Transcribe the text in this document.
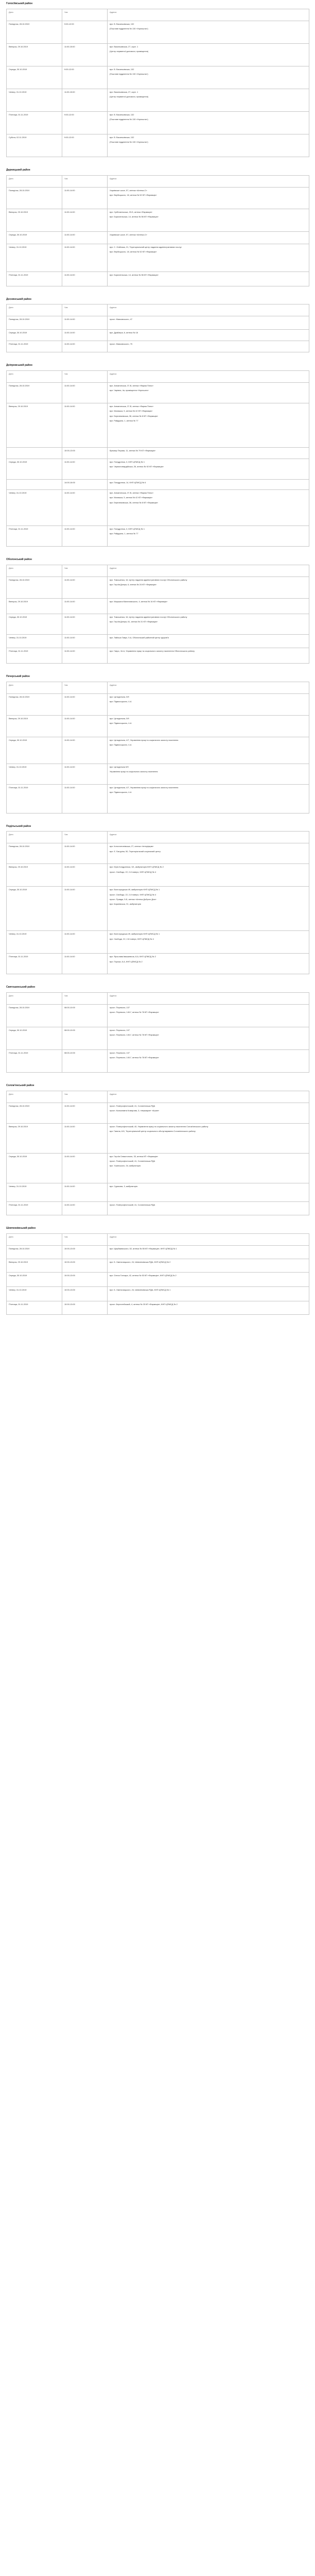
Голосіївський район
Дата	Час	Адреса
Понеділок, 28.10.2019	9:00-12:00	вул. В. Васильківська, 132

(Поштове відділення № 130 «Укрпошта»)

Вівторок, 29.10.2019	11:00-15:00	вул. Васильківська, 27, корп. 1

(Центр первинної допомоги, приміщення)

Середа, 30.10.2019	9:00-12:00	вул. В. Васильківська, 132

(Поштове відділення № 130 «Укрпошта»)

Четвер, 31.10.2019	11:00-15:00	вул. Васильківська, 27, корп. 1

(Центр первинної допомоги, приміщення)

П'ятниця, 01.11.2019	9:00-12:00	вул. В. Васильківська, 132

(Поштове відділення № 130 «Укрпошта»)

Субота, 02.11.2019	9:00-12:00	вул. В. Васильківська, 132

(Поштове відділення № 130 «Укрпошта»)

Дарницький район
Дата	Час	Адреса
Понеділок, 28.10.2019	11:00-14:00	Харківське шосе, 57, аптека «Аптека-С»

вул. Вербицького, 18, аптека № 52 КП «Фармація»

Вівторок, 29.10.2019	11:00-14:00	вул. Срібнокільська, 20-Б, аптека «Фармація»

вул. Бориспільська, 14, аптека № 56 КП «Фармація»

Середа, 30.10.2019	11:00-14:00	Харківське шосе, 57, аптека «Аптека-С»

Четвер, 31.10.2019	11:00-14:00	вул. С. Олійника, 21, Територіальний центр надання адміністративних послуг

вул. Вербицького, 18, аптека № 52 КП «Фармація»

П'ятниця, 01.11.2019	11:00-14:00	вул. Бориспільська, 14, аптека № 56 КП «Фармація»

Деснянський район
Дата	Час	Адреса
Понеділок, 28.10.2019	11:00-14:00	просп. Маяковського, 47

Середа, 30.10.2019	11:00-14:00	вул. Драйзера, 6, аптека № 18

П'ятниця, 01.11.2019	11:00-14:00	просп. Маяковського, 75

Дніпровський район
Дата	Час	Адреса
Понеділок, 28.10.2019	11:00-14:00	вул. Алматинська, 37-В, аптека «Фарма Плюс»

вул. Чарівна, 4а, приміщення «Укрпошти»

Вівторок, 29.10.2019	11:00-14:00	вул. Алматинська, 37-В, аптека «Фарма Плюс»

вул. Малишка, 5, аптека № 42 КП «Фармація»

вул. Березняківська, 36, аптека № 8 КП «Фармація»

вул. Райдужна, 1, аптека № 77

	10:00-13:00	бульвар Перова, 11, аптека № 79 КП «Фармація»

Середа, 30.10.2019	11:00-14:00	вул. Попудренка, 3, КНП ЦПМСД № 1

вул. Червоногвардійська, 26, аптека № 92 КП «Фармація»

	14:00-16:00	вул. Попудренка, 14, КНП ЦПМСД № 6

Четвер, 31.10.2019	11:00-14:00	вул. Алматинська, 37-В, аптека «Фарма Плюс»

вул. Малишка, 5, аптека № 42 КП «Фармація»

вул. Березняківська, 36, аптека № 8 КП «Фармація»

П'ятниця, 01.11.2019	11:00-14:00	вул. Попудренка, 3, КНП ЦПМСД № 1

вул. Райдужна, 1, аптека № 77

Оболонський район
Дата	Час	Адреса
Понеділок, 28.10.2019	11:00-14:00	вул. Тимошенка, 16, Центр надання адміністративних послуг Оболонського району

вул. Героїв Дніпра, 6, аптека № 24 КП «Фармація»

Вівторок, 29.10.2019	11:00-14:00	вул. Маршала Малиновського, 4, аптека № 16 КП «Фармація»

Середа, 30.10.2019	11:00-14:00	вул. Тимошенка, 16, Центр надання адміністративних послуг Оболонського району

вул. Героїв Дніпра, 61, аптека № 31 КП «Фармація»

Четвер, 31.10.2019	11:00-14:00	вул. Лайоша Гавро, 9-А, Оболонський районний центр здоров'я

П'ятниця, 01.11.2019	11:00-14:00	вул. Гавро, 16-А, Управління праці та соціального захисту населення Оболонського району

Печерський район
Дата	Час	Адреса
Понеділок, 28.10.2019	11:00-14:00	вул. Цитадельна, 5/9

вул. Підвисоцького, 4-А

Вівторок, 29.10.2019	11:00-14:00	вул. Цитадельна, 5/9

вул. Підвисоцького, 4-А

Середа, 30.10.2019	11:00-14:00	вул. Цитадельна, 4/7, Управління праці та соціального захисту населення

вул. Підвисоцького, 4-А

Четвер, 31.10.2019	11:00-14:00	вул. Цитадельна 5/9

Управління праці та соціального захисту населення

П'ятниця, 01.11.2019	11:00-14:00	вул. Цитадельна, 4/7, Управління праці та соціального захисту населення

вул. Підвисоцького, 4-А

Подільський район
Дата	Час	Адреса
Понеділок, 28.10.2019	11:00-14:00	вул. Константинівська, 27, аптека «Інтерфарм»

вул. Є. Батуріна, 50, Територіальний соціальний центр

Вівторок, 29.10.2019	11:00-14:00	вул. Юрія Кондратюка, 3/1, амбулаторія КНП ЦПМСД № 2

просп. Свободи, 22, 2-й поверх, КНП ЦПМСД № 4

Середа, 30.10.2019	11:00-14:00	вул. Волгоградська 49, амбулаторія КНП ЦПМСД № 1

просп. Свободи, 22, 2-й поверх, КНП ЦПМСД № 4

просп. Правди, 5-Б, аптека «Аптека Доброго Дня»

вул. Кирилівська, 91, амбулаторія

Четвер, 31.10.2019	11:00-14:00	вул. Волгоградська 49, амбулаторія КНП ЦПМСД № 1

вул. Свободи, 22, 2-й поверх, КНП ЦПМСД № 4

П'ятниця, 01.11.2019	11:00-14:00	вул. Ярослава Івашкевича, 8-А, КНП ЦПМСД № 2

вул. Порика, 8-А, КНП ЦПМСД № 2

Святошинський район
Дата	Час	Адреса
Понеділок, 28.10.2019	08:00-10:00	просп. Перемоги, 107

просп. Перемоги, 140-Г, аптека № 78 КП «Фармація»

Середа, 30.10.2019	08:00-10:00	просп. Перемоги, 107

просп. Перемоги, 140-Г, аптека № 78 КП «Фармація»

П'ятниця, 01.11.2019	08:00-10:00	просп. Перемоги, 107

просп. Перемоги, 140-Г, аптека № 78 КП «Фармація»

Солом'янський район
Дата	Час	Адреса
Понеділок, 28.10.2019	11:00-14:00	просп. Повітрофлотський, 41, Солом'янська РДА

просп. Космонавта Комарова, 3, гіпермаркет «Ашан»

Вівторок, 29.10.2019	11:00-14:00	просп. Повітрофлотський, 40, Управління праці та соціального захисту населення Солом'янського району

вул. Гавела, 8-Б, Територіальний центр соціального обслуговування Солом'янського району

Середа, 30.10.2019	11:00-14:00	вул. Героїв Севастополя, 33, аптека КП «Фармація»

просп. Повітрофлотський, 41, Солом'янська РДА

вул. Ушинського, 34, амбулаторія

Четвер, 31.10.2019	11:00-14:00	вул. Сурикова, 3, амбулаторія

П'ятниця, 01.11.2019	11:00-14:00	просп. Повітрофлотський, 41, Солом'янська РДА

Шевченківський район
Дата	Час	Адреса
Понеділок, 28.10.2019	10:00-13:00	вул. Щербаківського, 52, аптека № 55 КП «Фармація», КНП ЦПМСД № 1

Вівторок, 29.10.2019	10:00-13:00	вул. Б. Хмельницького, 24, Шевченківська РДА, КНП ЦПМСД № 2

Середа, 30.10.2019	10:00-13:00	вул. Олеся Гончара, 42, аптека № 53 КП «Фармація», КНП ЦПМСД № 2

Четвер, 31.10.2019	10:00-13:00	вул. Б. Хмельницького, 24, Шевченківська РДА, КНП ЦПМСД № 1

П'ятниця, 01.11.2019	10:00-13:00	просп. Берестейський, 4, аптека № 25 КП «Фармація», КНП ЦПМСД № 2
